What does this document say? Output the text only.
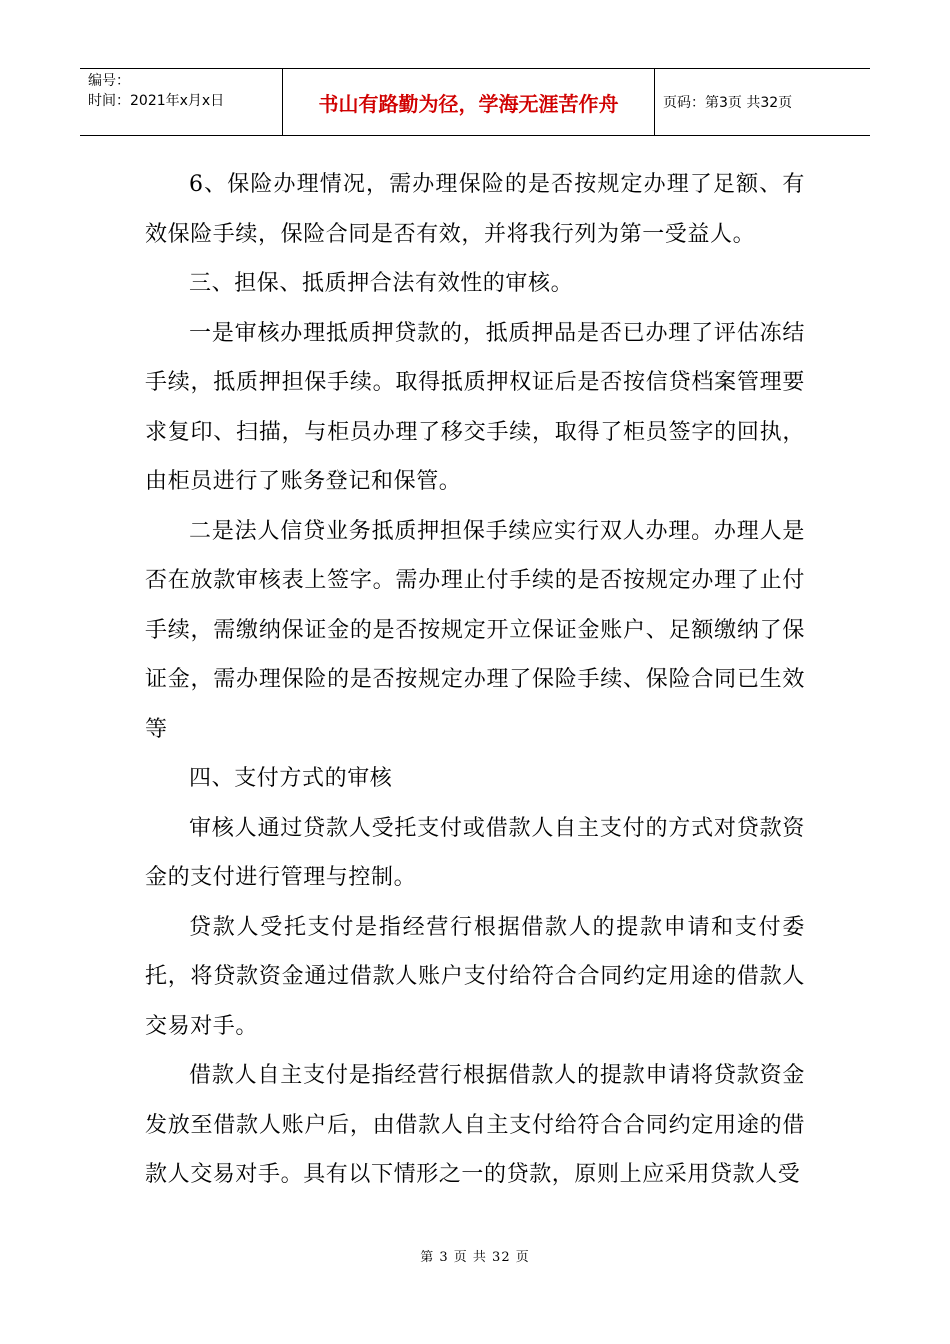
编号：
时间：2021年x月x日	书山有路勤为径，学海无涯苦作舟	页码：第3页 共32页

6、保险办理情况，需办理保险的是否按规定办理了足额、有效保险手续，保险合同是否有效，并将我行列为第一受益人。

三、担保、抵质押合法有效性的审核。

一是审核办理抵质押贷款的，抵质押品是否已办理了评估冻结手续，抵质押担保手续。取得抵质押权证后是否按信贷档案管理要求复印、扫描，与柜员办理了移交手续，取得了柜员签字的回执，由柜员进行了账务登记和保管。

二是法人信贷业务抵质押担保手续应实行双人办理。办理人是否在放款审核表上签字。需办理止付手续的是否按规定办理了止付手续，需缴纳保证金的是否按规定开立保证金账户、足额缴纳了保证金，需办理保险的是否按规定办理了保险手续、保险合同已生效等

四、支付方式的审核

审核人通过贷款人受托支付或借款人自主支付的方式对贷款资金的支付进行管理与控制。

贷款人受托支付是指经营行根据借款人的提款申请和支付委托，将贷款资金通过借款人账户支付给符合合同约定用途的借款人交易对手。

借款人自主支付是指经营行根据借款人的提款申请将贷款资金发放至借款人账户后，由借款人自主支付给符合合同约定用途的借款人交易对手。具有以下情形之一的贷款，原则上应采用贷款人受

第 3 页 共 32 页
